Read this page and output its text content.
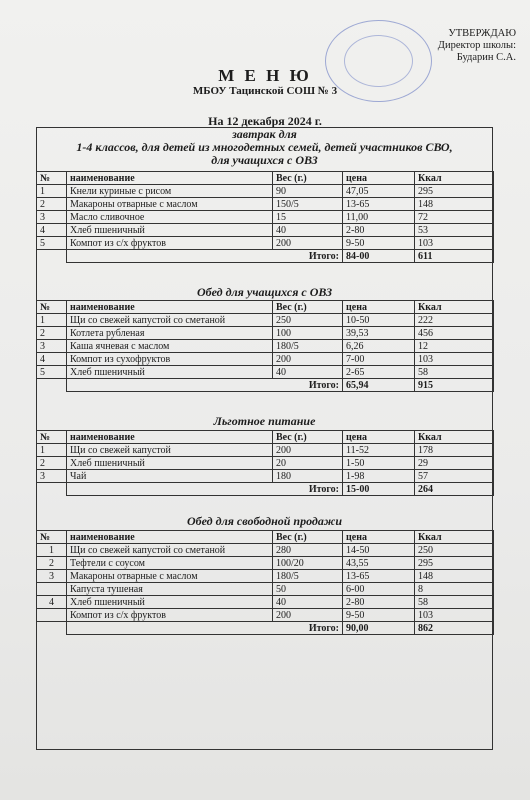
УТВЕРЖДАЮ
Директор школы:
Бударин С.А.
М Е Н Ю
МБОУ Тацинской СОШ № 3
На 12 декабря 2024 г.
завтрак для
1-4 классов, для детей из многодетных семей, детей участников СВО,
для учащихся с ОВЗ
№	наименование	Вес (г.)	цена	Ккал
1	Кнели куриные с рисом	90	47,05	295
2	Макароны отварные с маслом	150/5	13-65	148
3	Масло сливочное	15	11,00	72
4	Хлеб пшеничный	40	2-80	53
5	Компот из с/х фруктов	200	9-50	103
	Итого:		84-00	611
Обед для учащихся с ОВЗ
№	наименование	Вес (г.)	цена	Ккал
1	Щи со свежей капустой со сметаной	250	10-50	222
2	Котлета рубленая	100	39,53	456
3	Каша ячневая с маслом	180/5	6,26	12
4	Компот из сухофруктов	200	7-00	103
5	Хлеб пшеничный	40	2-65	58
	Итого:		65,94	915
Льготное питание
№	наименование	Вес (г.)	цена	Ккал
1	Щи со свежей капустой	200	11-52	178
2	Хлеб пшеничный	20	1-50	29
3	Чай	180	1-98	57
	Итого:		15-00	264
Обед для свободной продажи
№	наименование	Вес (г.)	цена	Ккал
1	Щи со свежей капустой со сметаной	280	14-50	250
2	Тефтели с соусом	100/20	43,55	295
3	Макароны отварные с маслом	180/5	13-65	148
	Капуста тушеная	50	6-00	8
4	Хлеб пшеничный	40	2-80	58
	Компот из с/х фруктов	200	9-50	103
	Итого:		90,00	862
